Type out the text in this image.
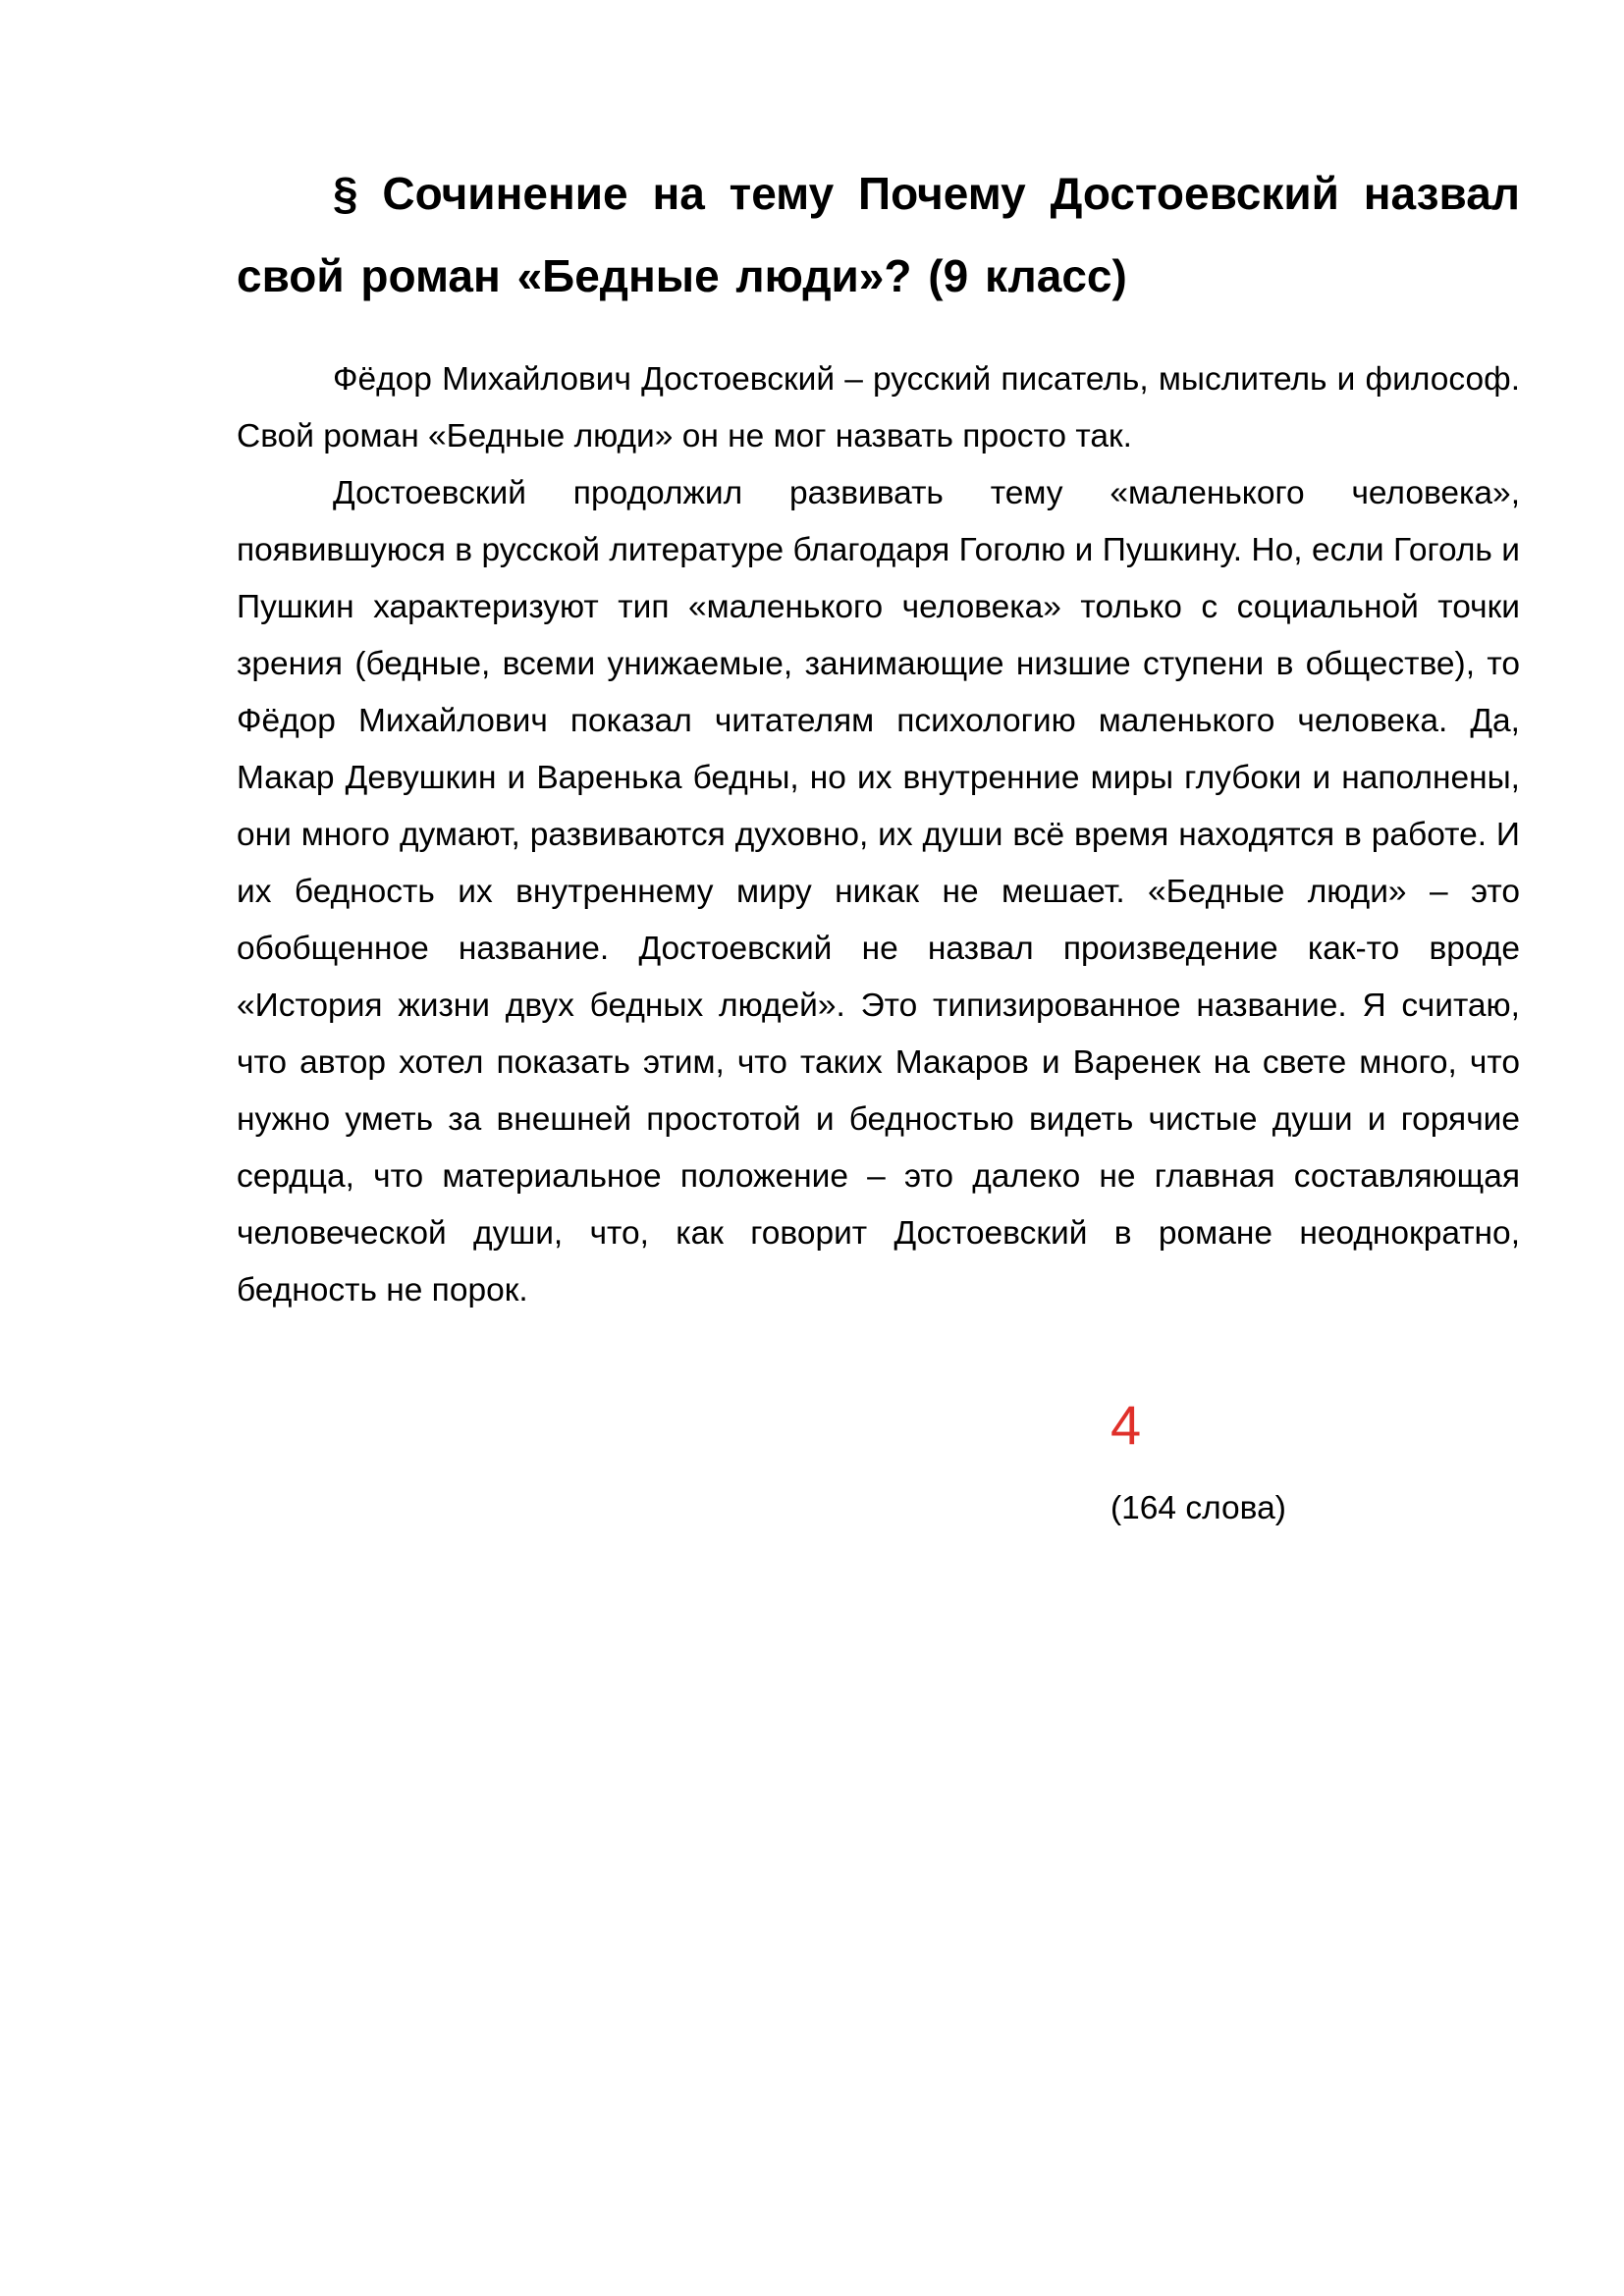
§ Сочинение на тему Почему Достоевский назвал свой роман «Бедные люди»? (9 класс)

Фёдор Михайлович Достоевский – русский писатель, мыслитель и философ. Свой роман «Бедные люди» он не мог назвать просто так.

Достоевский продолжил развивать тему «маленького человека», появившуюся в русской литературе благодаря Гоголю и Пушкину. Но, если Гоголь и Пушкин характеризуют тип «маленького человека» только с социальной точки зрения (бедные, всеми унижаемые, занимающие низшие ступени в обществе), то Фёдор Михайлович показал читателям психологию маленького человека. Да, Макар Девушкин и Варенька бедны, но их внутренние миры глубоки и наполнены, они много думают, развиваются духовно, их души всё время находятся в работе. И их бедность их внутреннему миру никак не мешает. «Бедные люди» – это обобщенное название. Достоевский не назвал произведение как-то вроде «История жизни двух бедных людей». Это типизированное название. Я считаю, что автор хотел показать этим, что таких Макаров и Варенек на свете много, что нужно уметь за внешней простотой и бедностью видеть чистые души и горячие сердца, что материальное положение – это далеко не главная составляющая человеческой души, что, как говорит Достоевский в романе неоднократно, бедность не порок.

4

(164 слова)
